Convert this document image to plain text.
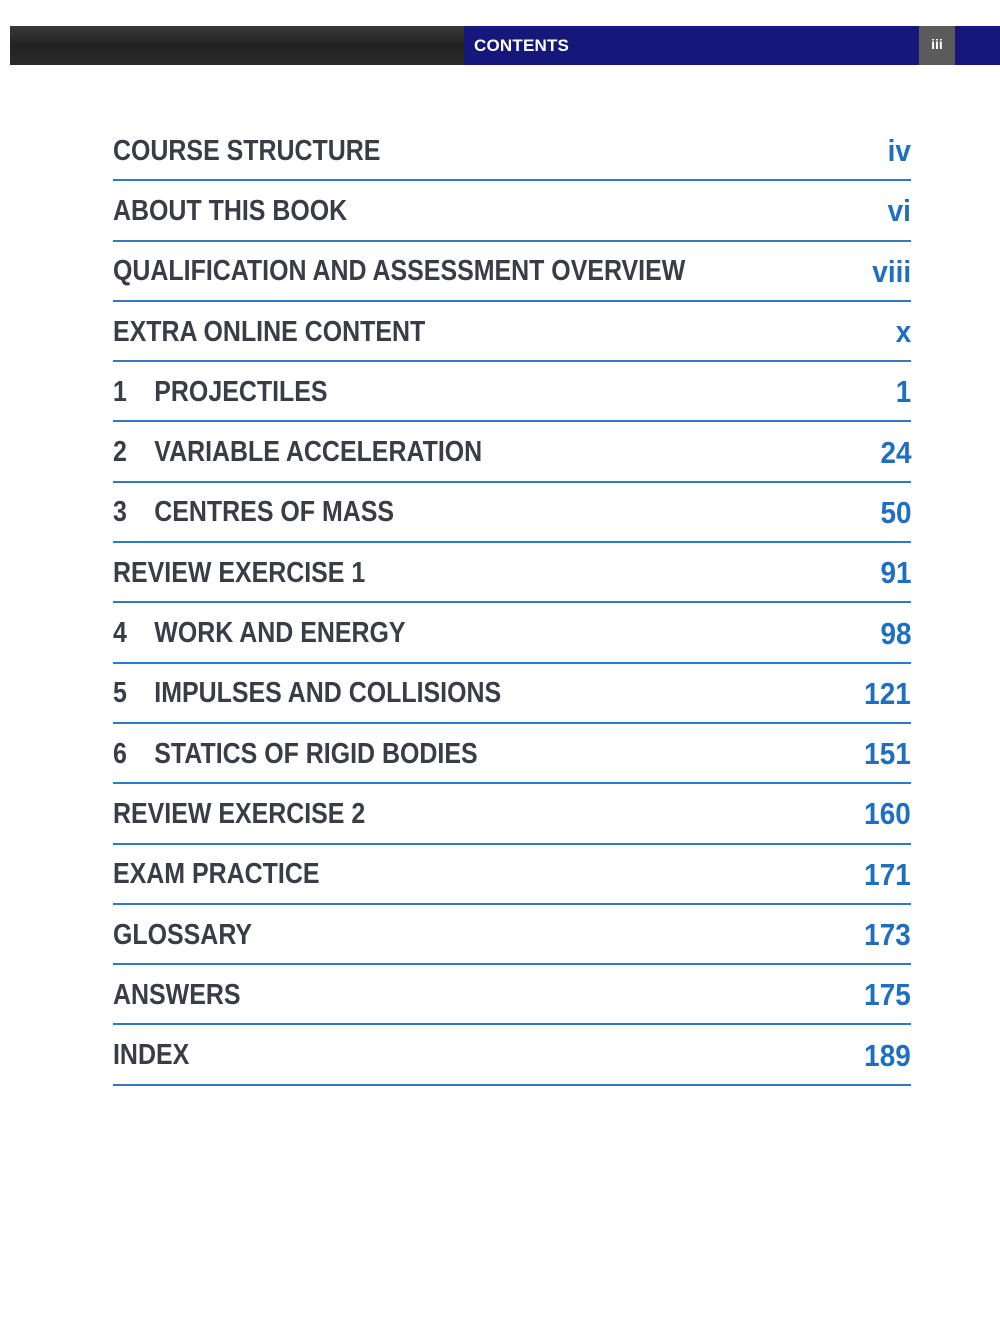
CONTENTS	iii
COURSE STRUCTURE	iv
ABOUT THIS BOOK	vi
QUALIFICATION AND ASSESSMENT OVERVIEW	viii
EXTRA ONLINE CONTENT	x
1 PROJECTILES	1
2 VARIABLE ACCELERATION	24
3 CENTRES OF MASS	50
REVIEW EXERCISE 1	91
4 WORK AND ENERGY	98
5 IMPULSES AND COLLISIONS	121
6 STATICS OF RIGID BODIES	151
REVIEW EXERCISE 2	160
EXAM PRACTICE	171
GLOSSARY	173
ANSWERS	175
INDEX	189
